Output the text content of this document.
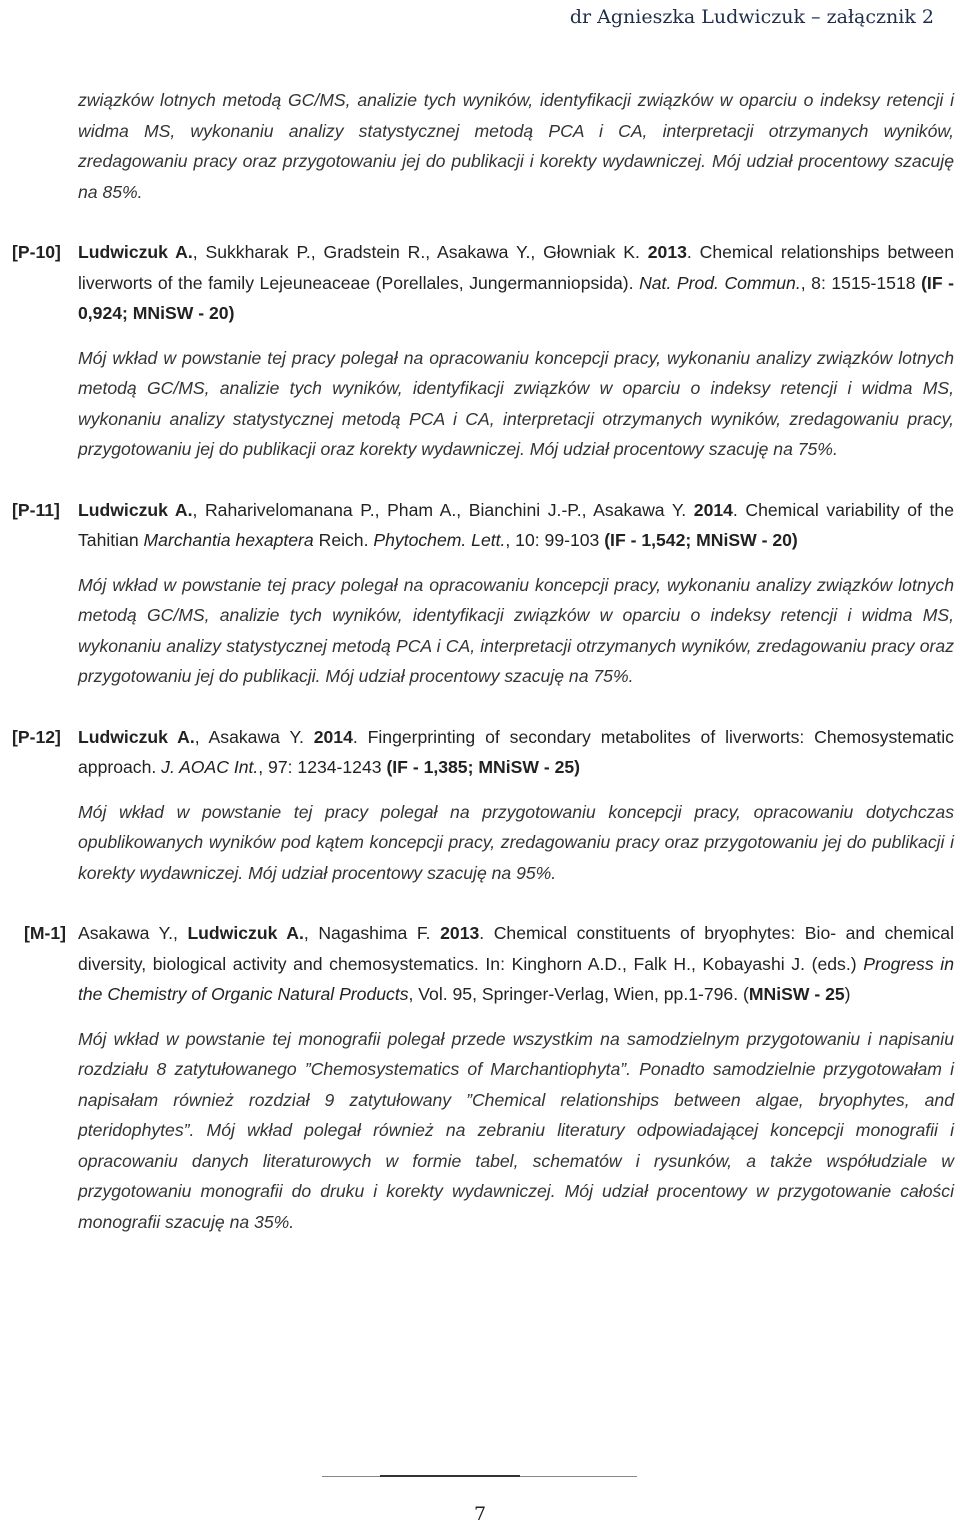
dr Agnieszka Ludwiczuk – załącznik 2

związków lotnych metodą GC/MS, analizie tych wyników, identyfikacji związków w oparciu o indeksy retencji i widma MS, wykonaniu analizy statystycznej metodą PCA i CA, interpretacji otrzymanych wyników, zredagowaniu pracy oraz przygotowaniu jej do publikacji i korekty wydawniczej. Mój udział procentowy szacuję na 85%.

[P-10] Ludwiczuk A., Sukkharak P., Gradstein R., Asakawa Y., Głowniak K. 2013. Chemical relationships between liverworts of the family Lejeuneaceae (Porellales, Jungermanniopsida). Nat. Prod. Commun., 8: 1515-1518 (IF - 0,924; MNiSW - 20)

Mój wkład w powstanie tej pracy polegał na opracowaniu koncepcji pracy, wykonaniu analizy związków lotnych metodą GC/MS, analizie tych wyników, identyfikacji związków w oparciu o indeksy retencji i widma MS, wykonaniu analizy statystycznej metodą PCA i CA, interpretacji otrzymanych wyników, zredagowaniu pracy, przygotowaniu jej do publikacji oraz korekty wydawniczej. Mój udział procentowy szacuję na 75%.

[P-11]	Ludwiczuk A., Raharivelomanana P., Pham A., Bianchini J.-P., Asakawa Y. 2014. Chemical variability of the Tahitian Marchantia hexaptera Reich. Phytochem. Lett., 10: 99-103 (IF - 1,542; MNiSW - 20)

Mój wkład w powstanie tej pracy polegał na opracowaniu koncepcji pracy, wykonaniu analizy związków lotnych metodą GC/MS, analizie tych wyników, identyfikacji związków w oparciu o indeksy retencji i widma MS, wykonaniu analizy statystycznej metodą PCA i CA, interpretacji otrzymanych wyników, zredagowaniu pracy oraz przygotowaniu jej do publikacji. Mój udział procentowy szacuję na 75%.

[P-12] Ludwiczuk A., Asakawa Y. 2014. Fingerprinting of secondary metabolites of liverworts: Chemosystematic approach. J. AOAC Int., 97: 1234-1243 (IF - 1,385; MNiSW - 25)

Mój wkład w powstanie tej pracy polegał na przygotowaniu koncepcji pracy, opracowaniu dotychczas opublikowanych wyników pod kątem koncepcji pracy, zredagowaniu pracy oraz przygotowaniu jej do publikacji i korekty wydawniczej. Mój udział procentowy szacuję na 95%.

[M-1] Asakawa Y., Ludwiczuk A., Nagashima F. 2013. Chemical constituents of bryophytes: Bio- and chemical diversity, biological activity and chemosystematics. In: Kinghorn A.D., Falk H., Kobayashi J. (eds.) Progress in the Chemistry of Organic Natural Products, Vol. 95, Springer-Verlag, Wien, pp.1-796. (MNiSW - 25)

Mój wkład w powstanie tej monografii polegał przede wszystkim na samodzielnym przygotowaniu i napisaniu rozdziału 8 zatytułowanego ”Chemosystematics of Marchantiophyta”. Ponadto samodzielnie przygotowałam i napisałam również rozdział 9 zatytułowany ”Chemical relationships between algae, bryophytes, and pteridophytes”. Mój wkład polegał również na zebraniu literatury odpowiadającej koncepcji monografii i opracowaniu danych literaturowych w formie tabel, schematów i rysunków, a także współudziale w przygotowaniu monografii do druku i korekty wydawniczej. Mój udział procentowy w przygotowanie całości monografii szacuję na 35%.

7
